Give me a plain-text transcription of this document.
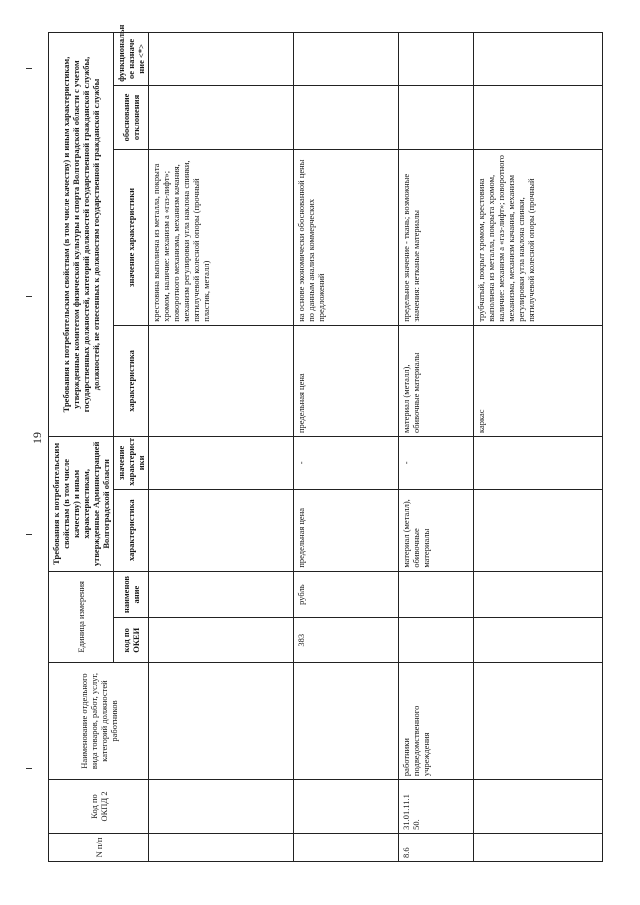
19
N п/п	Код по ОКПД 2	Наименование отдельного вида товаров, работ, услуг, категорий должностей работников	Единица измерения		Требования к потребительским свойствам (в том числе качеству) и иным характеристикам, утвержденные Администрацией Волгоградской области		Требования к потребительским свойствам (в том числе качеству) и иным характеристикам, утвержденные комитетом физической культуры и спорта Волгоградской области с учетом государственных должностей, категорий должностей государственной гражданской службы, должностей, не отнесенных к должностям государственной гражданской службы			
			код по ОКЕИ	наименов ание	характеристика	значение характерист ики	характеристика	значение характеристики	обоснование отклонения	функциональн ое назначе ние <*>
								крестовина выполнена из металла, покрыта хромом, наличие: механизм а «газ-лифт»; поворотного механизма, механизм качания, механизм регулировки угла наклона спинки, пятилучевой колесной опоры (прочный пластик, металл)		
			383	рубль	предельная цена	-	предельная цена	на основе экономически обоснованной цены по данным анализа коммерческих предложений		
8.6	31.01.11.1 50.	работники подведомственного учреждения			материал (металл), обивочные материалы	-	материал (металл), обивочные материалы	предельное значение - ткань; возможные значения: нетканые материалы		
							каркас	трубчатый, покрыт хромом, крестовина выполнена из металла, покрыта хромом, наличие: механизм а «газ-лифт»; поворотного механизма, механизм качания, механизм регулировки угла наклона спинки, пятилучевой колесной опоры (прочный		
